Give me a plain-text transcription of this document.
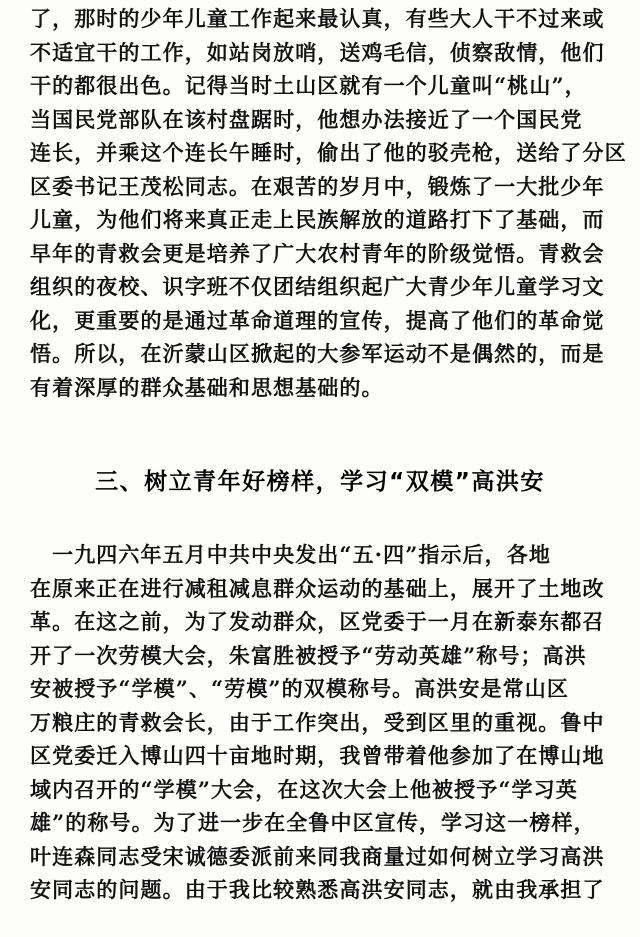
了，那时的少年儿童工作起来最认真，有些大人干不过来或
不适宜干的工作，如站岗放哨，送鸡毛信，侦察敌情，他们
干的都很出色。记得当时土山区就有一个儿童叫“桃山”，
当国民党部队在该村盘踞时，他想办法接近了一个国民党
连长，并乘这个连长午睡时，偷出了他的驳壳枪，送给了分区
区委书记王茂松同志。在艰苦的岁月中，锻炼了一大批少年
儿童，为他们将来真正走上民族解放的道路打下了基础，而
早年的青救会更是培养了广大农村青年的阶级觉悟。青救会
组织的夜校、识字班不仅团结组织起广大青少年儿童学习文
化，更重要的是通过革命道理的宣传，提高了他们的革命觉
悟。所以，在沂蒙山区掀起的大参军运动不是偶然的，而是
有着深厚的群众基础和思想基础的。
三、树立青年好榜样，学习“双模”高洪安
　一九四六年五月中共中央发出“五·四”指示后，各地
在原来正在进行减租减息群众运动的基础上，展开了土地改
革。在这之前，为了发动群众，区党委于一月在新泰东都召
开了一次劳模大会，朱富胜被授予“劳动英雄”称号；高洪
安被授予“学模”、“劳模”的双模称号。高洪安是常山区
万粮庄的青救会长，由于工作突出，受到区里的重视。鲁中
区党委迁入博山四十亩地时期，我曾带着他参加了在博山地
域内召开的“学模”大会，在这次大会上他被授予“学习英
雄”的称号。为了进一步在全鲁中区宣传，学习这一榜样，
叶连森同志受宋诚德委派前来同我商量过如何树立学习高洪
安同志的问题。由于我比较熟悉高洪安同志，就由我承担了
